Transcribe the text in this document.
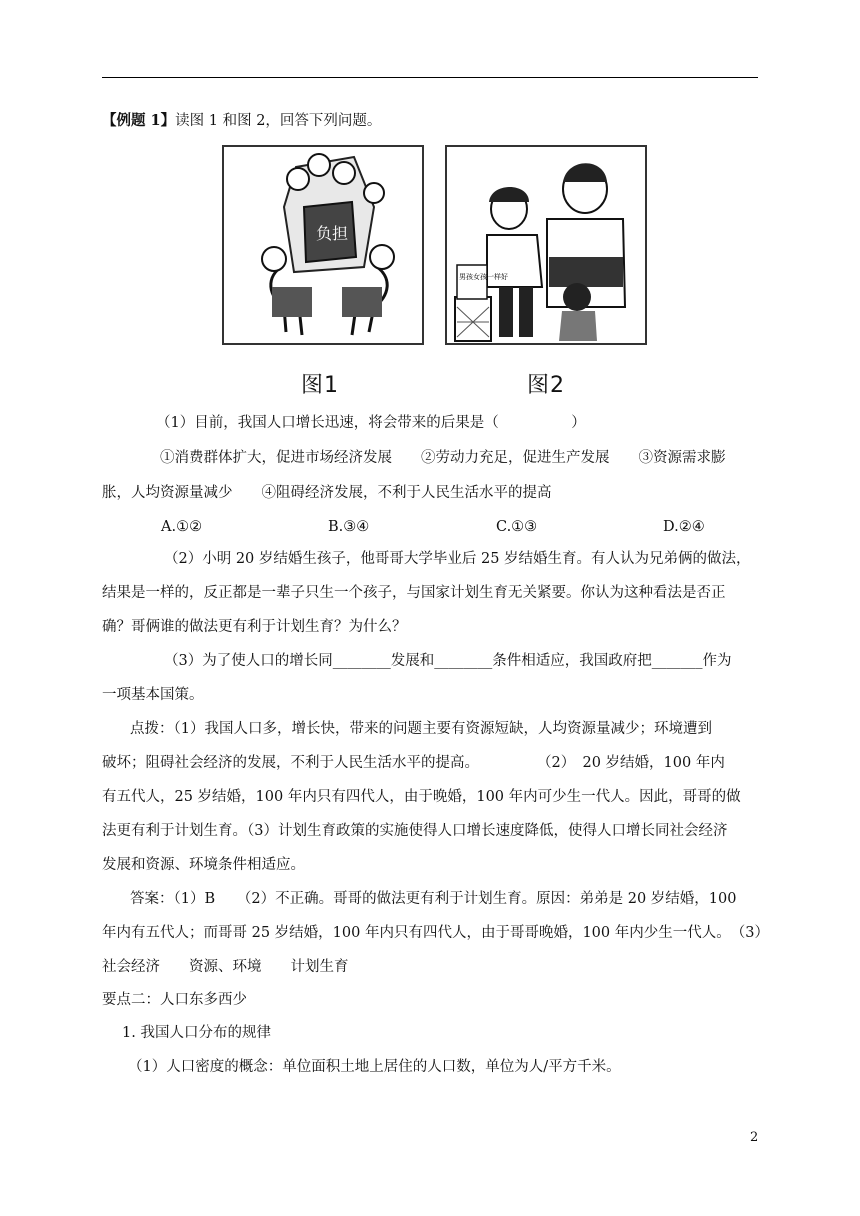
【例题 1】读图 1 和图 2，回答下列问题。
负担
男孩女孩一样好
图1	图2
（1）目前，我国人口增长迅速，将会带来的后果是（　　　　　）
①消费群体扩大，促进市场经济发展　　②劳动力充足，促进生产发展　　③资源需求膨
胀，人均资源量减少　　④阻碍经济发展，不利于人民生活水平的提高
A.①②	B.③④	C.①③	D.②④
（2）小明 20 岁结婚生孩子，他哥哥大学毕业后 25 岁结婚生育。有人认为兄弟俩的做法，
结果是一样的，反正都是一辈子只生一个孩子，与国家计划生育无关紧要。你认为这种看法是否正
确？哥俩谁的做法更有利于计划生育？为什么？
（3）为了使人口的增长同________发展和________条件相适应，我国政府把_______作为
一项基本国策。
点拨：（1）我国人口多，增长快，带来的问题主要有资源短缺，人均资源量减少；环境遭到
破坏；阻碍社会经济的发展，不利于人民生活水平的提高。　　　　　（2）　20 岁结婚，100 年内
有五代人，25 岁结婚，100 年内只有四代人，由于晚婚，100 年内可少生一代人。因此，哥哥的做
法更有利于计划生育。（3）计划生育政策的实施使得人口增长速度降低，使得人口增长同社会经济
发展和资源、环境条件相适应。
答案：（1）B　　（2）不正确。哥哥的做法更有利于计划生育。原因：弟弟是 20 岁结婚，100
年内有五代人；而哥哥 25 岁结婚，100 年内只有四代人，由于哥哥晚婚，100 年内少生一代人。　（3）
社会经济　　资源、环境　　计划生育
要点二：人口东多西少
1. 我国人口分布的规律
（1）人口密度的概念：单位面积土地上居住的人口数，单位为人/平方千米。
2
